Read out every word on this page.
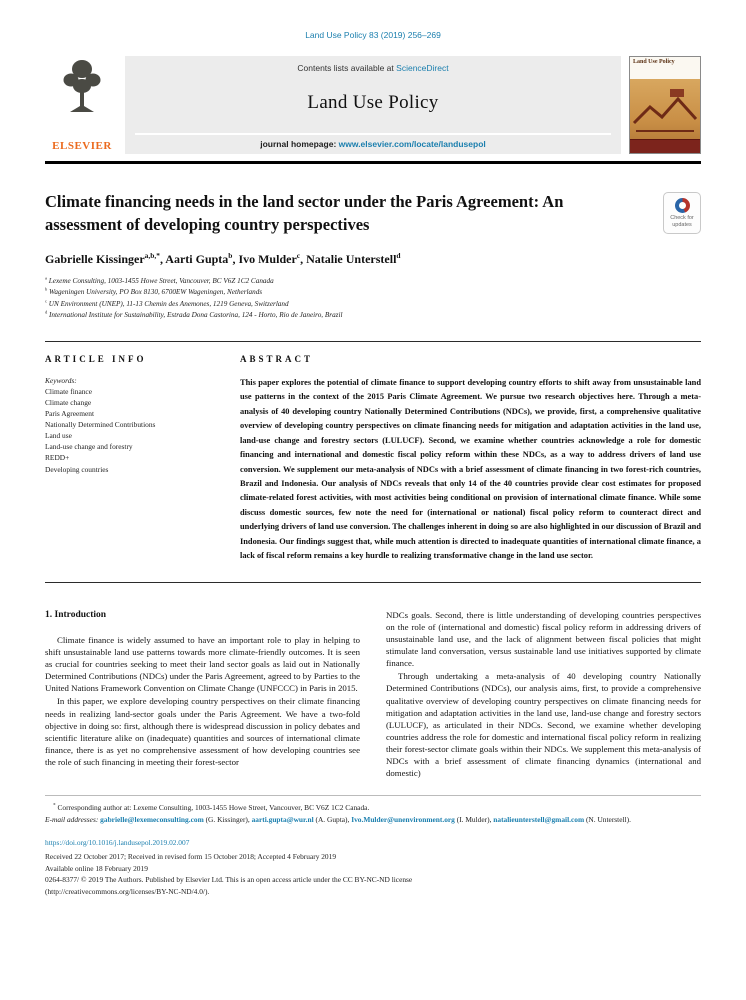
Land Use Policy 83 (2019) 256–269
ELSEVIER
Contents lists available at ScienceDirect
Land Use Policy
journal homepage: www.elsevier.com/locate/landusepol
Land Use Policy
Climate financing needs in the land sector under the Paris Agreement: An assessment of developing country perspectives	Check for updates
Gabrielle Kissinger$^{a,b,*}$ , Aarti Gupta$^b$ , Ivo Mulder$^c$ , Natalie Unterstell$^d$
$^a$ Lexeme Consulting, 1003-1455 Howe Street, Vancouver, BC V6Z 1C2 Canada
$^b$ Wageningen University, PO Box 8130, 6700EW Wageningen, Netherlands
$^c$ UN Environment (UNEP), 11-13 Chemin des Anemones, 1219 Geneva, Switzerland
$^d$ International Institute for Sustainability, Estrada Dona Castorina, 124 - Horto, Rio de Janeiro, Brazil
ARTICLE INFO
Keywords:
Climate finance
Climate change
Paris Agreement
Nationally Determined Contributions
Land use
Land-use change and forestry
REDD+
Developing countries
ABSTRACT
This paper explores the potential of climate finance to support developing country efforts to shift away from unsustainable land use patterns in the context of the 2015 Paris Climate Agreement. We pursue two research objectives here. Through a meta-analysis of 40 developing country Nationally Determined Contributions (NDCs), we provide, first, a comprehensive qualitative overview of developing country perspectives on climate financing needs for mitigation and adaptation activities in the land use, land-use change and forestry sectors (LULUCF). Second, we examine whether countries acknowledge a role for domestic financing and international and domestic fiscal policy reform within these NDCs, as a way to address drivers of land use conversion. We supplement our meta-analysis of NDCs with a brief assessment of climate financing in two forest-rich countries, Brazil and Indonesia. Our analysis of NDCs reveals that only 14 of the 40 countries provide clear cost estimates for proposed climate-related forest activities, with most activities being conditional on provision of international climate finance. While some discuss domestic sources, few note the need for (international or national) fiscal policy reform to counteract direct and underlying drivers of land use conversion. The challenges inherent in doing so are also highlighted in our discussion of Brazil and Indonesia. Our findings suggest that, while much attention is directed to inadequate quantities of international climate finance, a lack of fiscal reform remains a key hurdle to realizing transformative change in the land use sector.
1. Introduction

Climate finance is widely assumed to have an important role to play in helping to shift unsustainable land use patterns towards more climate-friendly outcomes. It is seen as crucial for countries seeking to meet their land sector goals as laid out in Nationally Determined Contributions (NDCs) under the Paris Agreement, agreed to by Parties to the United Nations Framework Convention on Climate Change (UNFCCC) in Paris in 2015.

In this paper, we explore developing country perspectives on their climate financing needs in realizing land-sector goals under the Paris Agreement. We have a two-fold objective in doing so: first, although there is widespread discussion in policy debates and scientific literature alike on (inadequate) quantities and sources of international climate finance, there is as yet no comprehensive assessment of how developing countries see the role of such financing in meeting their forest-sector

NDCs goals. Second, there is little understanding of developing countries perspectives on the role of (international and domestic) fiscal policy reform in addressing drivers of unsustainable land use, and the lack of alignment between fiscal policies that might stimulate land conversation, versus sustainable land use initiatives supported by climate finance.

Through undertaking a meta-analysis of 40 developing country Nationally Determined Contributions (NDCs), our analysis aims, first, to provide a comprehensive qualitative overview of developing country perspectives on climate financing needs for mitigation and adaptation activities in the land use, land-use change and forestry sectors (LULUCF), as articulated in their NDCs. Second, we examine whether developing countries address the role for domestic and international fiscal policy reform in realizing their forest-sector climate goals within their NDCs. We supplement this meta-analysis of NDCs with a brief assessment of climate financing dynamics (international and domestic)

* Corresponding author at: Lexeme Consulting, 1003-1455 Howe Street, Vancouver, BC V6Z 1C2 Canada.
E-mail addresses: gabrielle@lexemeconsulting.com (G. Kissinger), aarti.gupta@wur.nl (A. Gupta), Ivo.Mulder@unenvironment.org (I. Mulder), natalieunterstell@gmail.com (N. Unterstell).
https://doi.org/10.1016/j.landusepol.2019.02.007
Received 22 October 2017; Received in revised form 15 October 2018; Accepted 4 February 2019
Available online 18 February 2019
0264-8377/ © 2019 The Authors. Published by Elsevier Ltd. This is an open access article under the CC BY-NC-ND license
(http://creativecommons.org/licenses/BY-NC-ND/4.0/).
